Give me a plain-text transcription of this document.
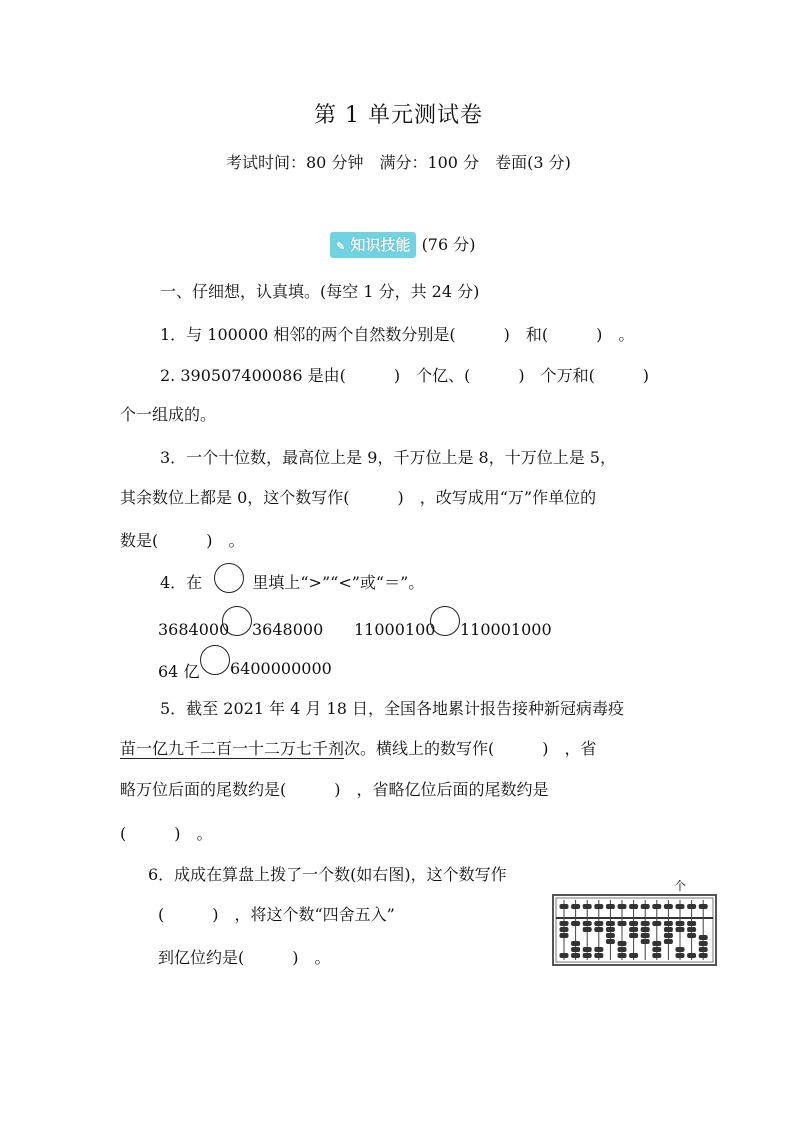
第 1 单元测试卷
考试时间：80 分钟　满分：100 分　卷面(3 分)
✎ 知识技能 (76 分)
一、仔细想，认真填。(每空 1 分，共 24 分)
1．与 100000 相邻的两个自然数分别是(　　　)　和(　　　)　。
2. 390507400086 是由(　　　)　个亿、(　　　)　个万和(　　　)
个一组成的。
3．一个十位数，最高位上是 9，千万位上是 8，十万位上是 5，
其余数位上都是 0，这个数写作(　　　)　，改写成用“万”作单位的
数是(　　　)　。
4．在	里填上“>”“<”或“＝”。
3684000 3648000 11000100 110001000
64 亿 6400000000
5．截至 2021 年 4 月 18 日，全国各地累计报告接种新冠病毒疫
苗一亿九千二百一十二万七千剂次。横线上的数写作(　　　)　，省
略万位后面的尾数约是(　　　)　，省略亿位后面的尾数约是
(　　　)　。
6．成成在算盘上拨了一个数(如右图)，这个数写作
(　　　)　，将这个数“四舍五入”
到亿位约是(　　　)　。
个
